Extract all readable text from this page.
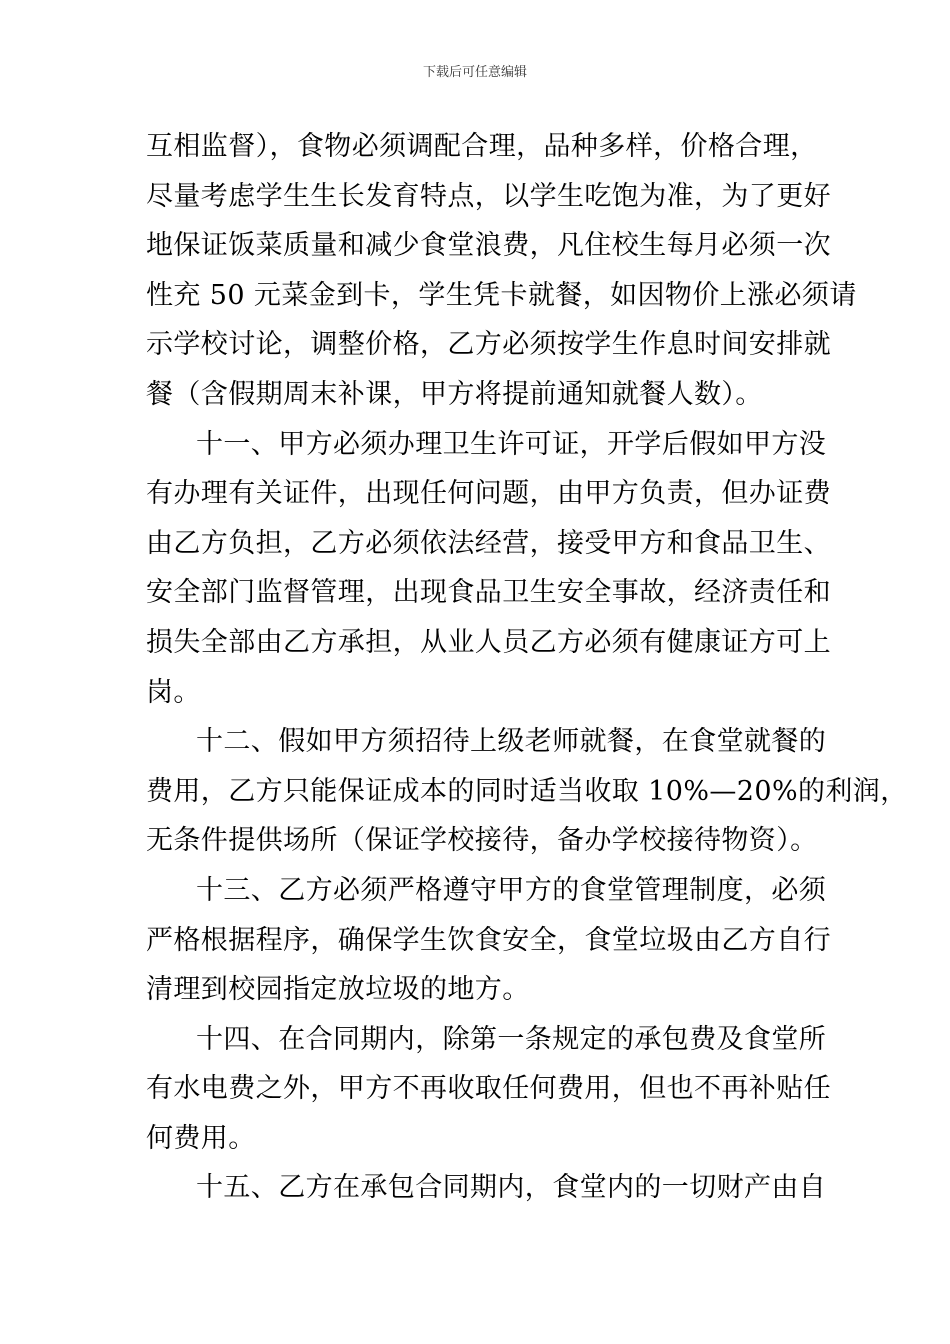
下载后可任意编辑
互相监督），食物必须调配合理，品种多样，价格合理，
尽量考虑学生生长发育特点，以学生吃饱为准，为了更好
地保证饭菜质量和减少食堂浪费，凡住校生每月必须一次
性充 50 元菜金到卡，学生凭卡就餐，如因物价上涨必须请
示学校讨论，调整价格，乙方必须按学生作息时间安排就
餐（含假期周末补课，甲方将提前通知就餐人数）。
十一、甲方必须办理卫生许可证，开学后假如甲方没
有办理有关证件，出现任何问题，由甲方负责，但办证费
由乙方负担，乙方必须依法经营，接受甲方和食品卫生、
安全部门监督管理，出现食品卫生安全事故，经济责任和
损失全部由乙方承担，从业人员乙方必须有健康证方可上
岗。
十二、假如甲方须招待上级老师就餐，在食堂就餐的
费用，乙方只能保证成本的同时适当收取 10%—20%的利润，
无条件提供场所（保证学校接待，备办学校接待物资）。
十三、乙方必须严格遵守甲方的食堂管理制度，必须
严格根据程序，确保学生饮食安全，食堂垃圾由乙方自行
清理到校园指定放垃圾的地方。
十四、在合同期内，除第一条规定的承包费及食堂所
有水电费之外，甲方不再收取任何费用，但也不再补贴任
何费用。
十五、乙方在承包合同期内，食堂内的一切财产由自
